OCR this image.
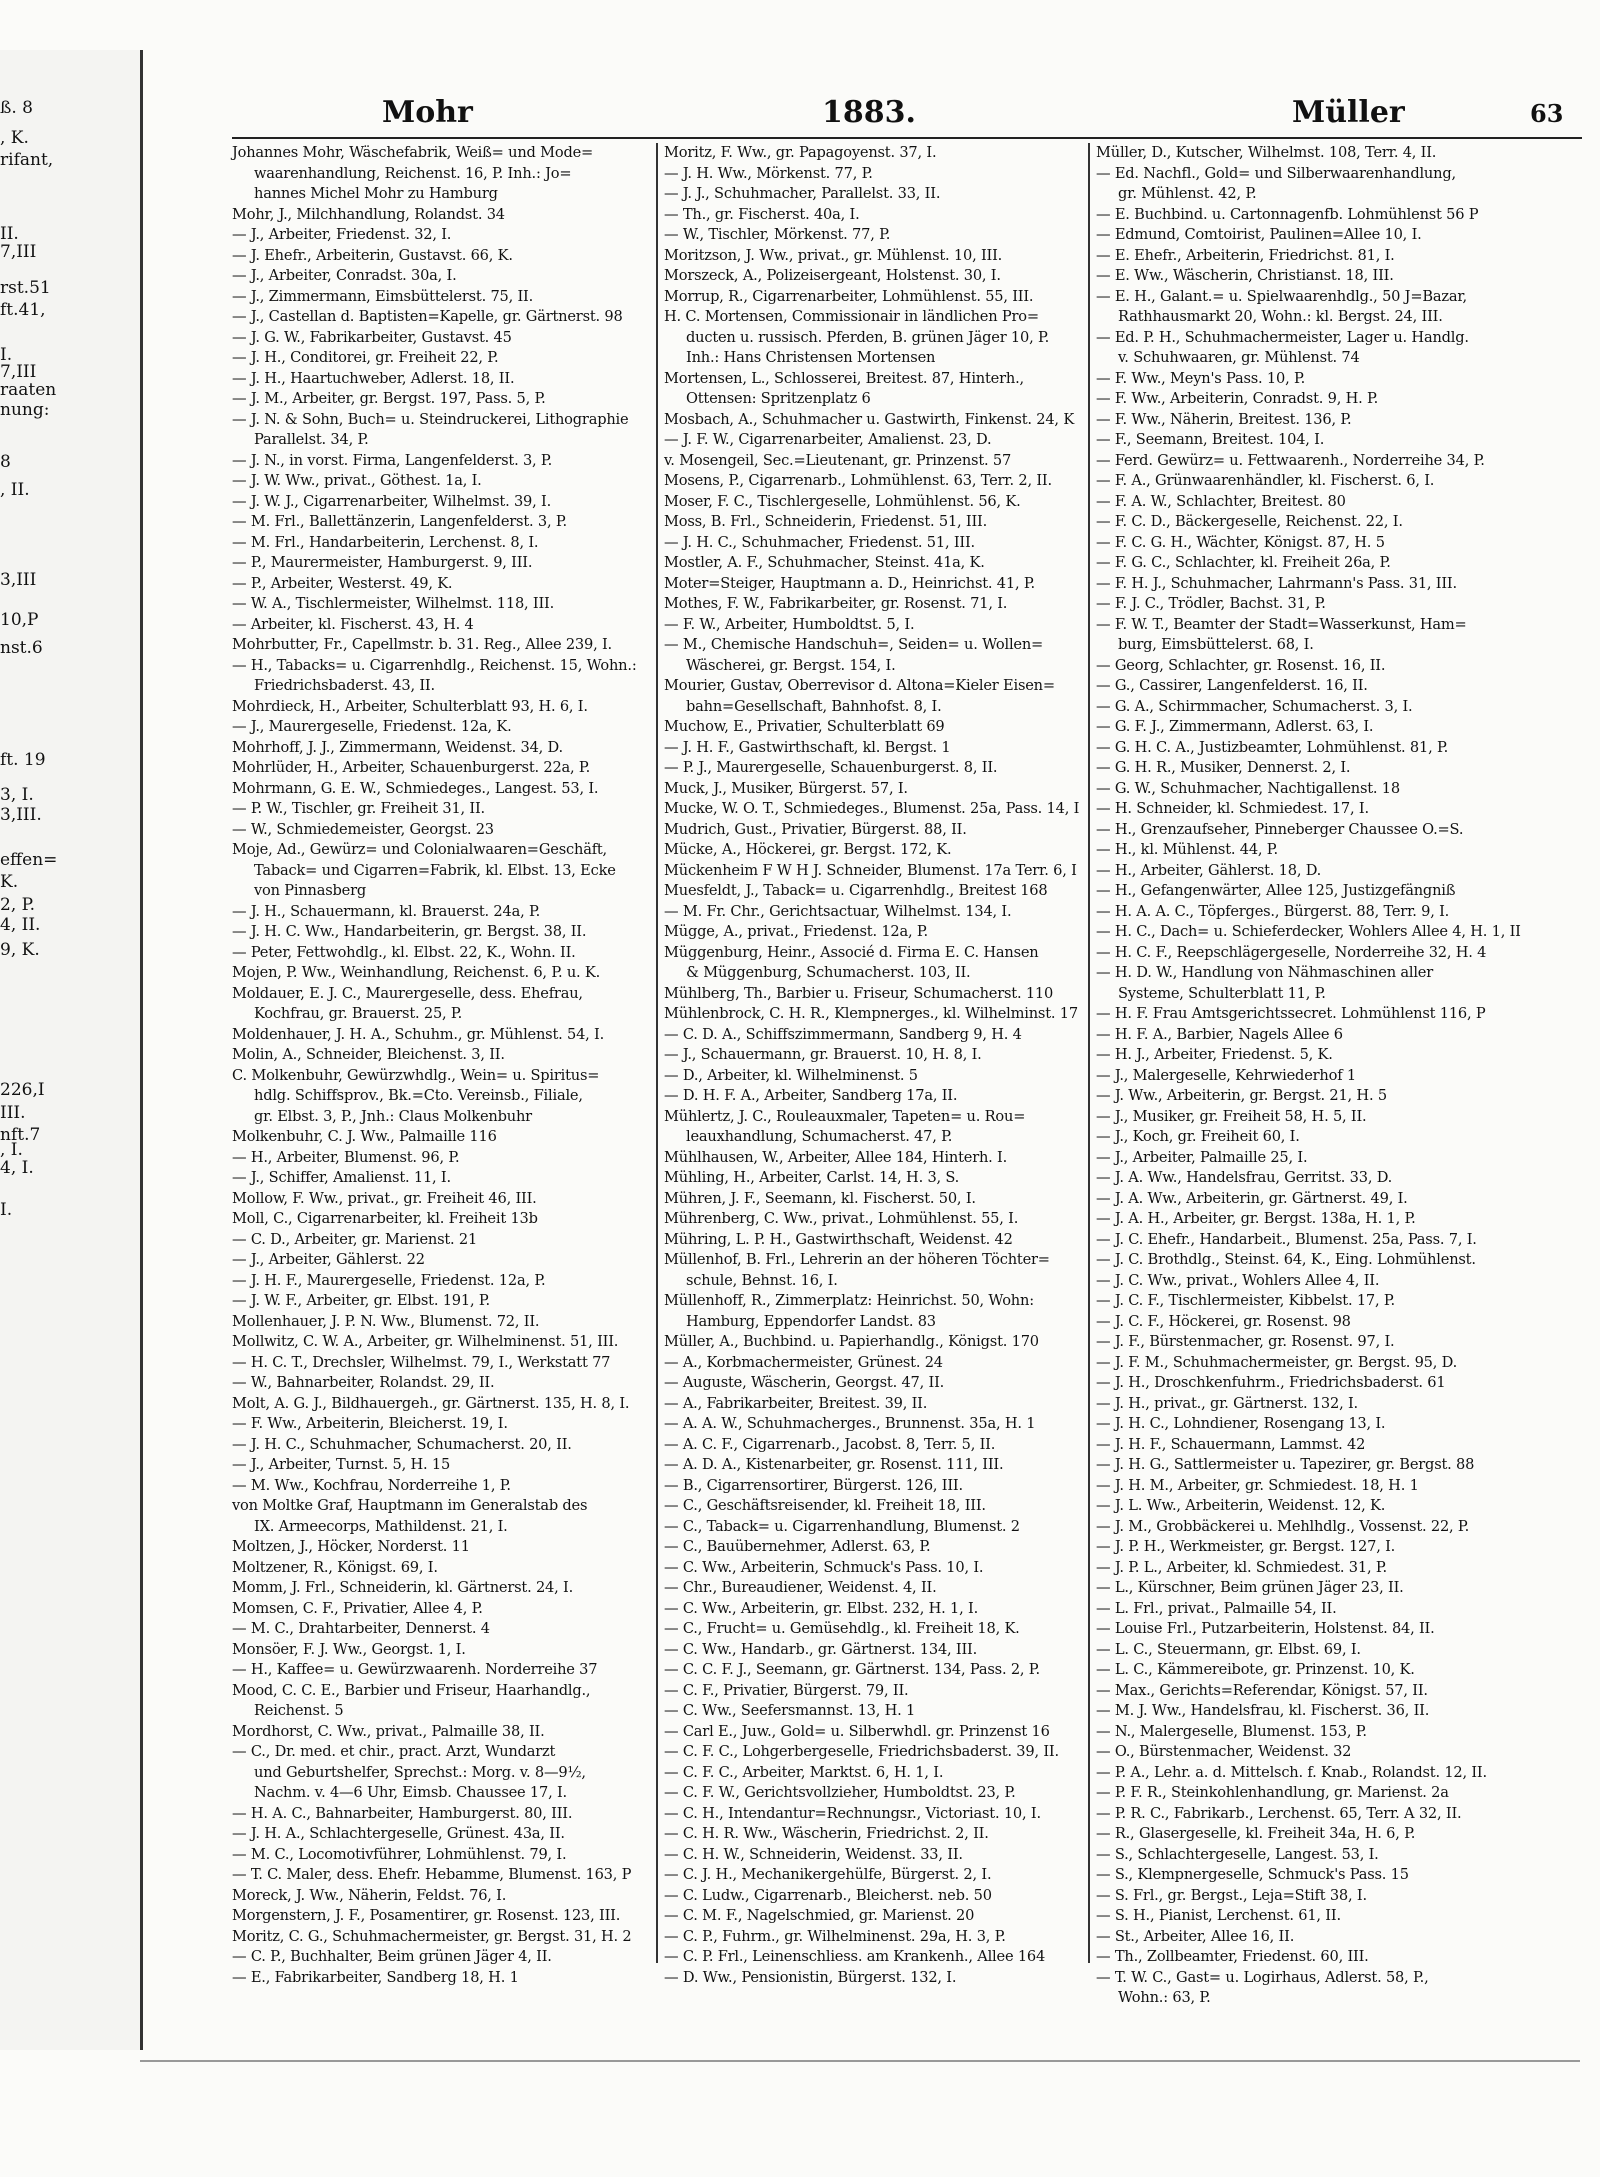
ß. 8
, K.
rifant,
II.
7,III
rst.51
ft.41,
I.
7,III
raaten
nung:
8
, II.
3,III
10,P
nst.6
ft. 19
3, I.
3,III.
effen=
K.
2, P.
4, II.
9, K.
226,I
III.
nft.7
, I.
4, I.
I.
Mohr	1883.	Müller	63
Johannes Mohr, Wäschefabrik, Weiß= und Mode=
waarenhandlung, Reichenst. 16, P. Inh.: Jo=
hannes Michel Mohr zu Hamburg
Mohr, J., Milchhandlung, Rolandst. 34
— J., Arbeiter, Friedenst. 32, I.
— J. Ehefr., Arbeiterin, Gustavst. 66, K.
— J., Arbeiter, Conradst. 30a, I.
— J., Zimmermann, Eimsbüttelerst. 75, II.
— J., Castellan d. Baptisten=Kapelle, gr. Gärtnerst. 98
— J. G. W., Fabrikarbeiter, Gustavst. 45
— J. H., Conditorei, gr. Freiheit 22, P.
— J. H., Haartuchweber, Adlerst. 18, II.
— J. M., Arbeiter, gr. Bergst. 197, Pass. 5, P.
— J. N. & Sohn, Buch= u. Steindruckerei, Lithographie
Parallelst. 34, P.
— J. N., in vorst. Firma, Langenfelderst. 3, P.
— J. W. Ww., privat., Göthest. 1a, I.
— J. W. J., Cigarrenarbeiter, Wilhelmst. 39, I.
— M. Frl., Ballettänzerin, Langenfelderst. 3, P.
— M. Frl., Handarbeiterin, Lerchenst. 8, I.
— P., Maurermeister, Hamburgerst. 9, III.
— P., Arbeiter, Westerst. 49, K.
— W. A., Tischlermeister, Wilhelmst. 118, III.
— Arbeiter, kl. Fischerst. 43, H. 4
Mohrbutter, Fr., Capellmstr. b. 31. Reg., Allee 239, I.
— H., Tabacks= u. Cigarrenhdlg., Reichenst. 15, Wohn.:
Friedrichsbaderst. 43, II.
Mohrdieck, H., Arbeiter, Schulterblatt 93, H. 6, I.
— J., Maurergeselle, Friedenst. 12a, K.
Mohrhoff, J. J., Zimmermann, Weidenst. 34, D.
Mohrlüder, H., Arbeiter, Schauenburgerst. 22a, P.
Mohrmann, G. E. W., Schmiedeges., Langest. 53, I.
— P. W., Tischler, gr. Freiheit 31, II.
— W., Schmiedemeister, Georgst. 23
Moje, Ad., Gewürz= und Colonialwaaren=Geschäft,
Taback= und Cigarren=Fabrik, kl. Elbst. 13, Ecke
von Pinnasberg
— J. H., Schauermann, kl. Brauerst. 24a, P.
— J. H. C. Ww., Handarbeiterin, gr. Bergst. 38, II.
— Peter, Fettwohdlg., kl. Elbst. 22, K., Wohn. II.
Mojen, P. Ww., Weinhandlung, Reichenst. 6, P. u. K.
Moldauer, E. J. C., Maurergeselle, dess. Ehefrau,
Kochfrau, gr. Brauerst. 25, P.
Moldenhauer, J. H. A., Schuhm., gr. Mühlenst. 54, I.
Molin, A., Schneider, Bleichenst. 3, II.
C. Molkenbuhr, Gewürzwhdlg., Wein= u. Spiritus=
hdlg. Schiffsprov., Bk.=Cto. Vereinsb., Filiale,
gr. Elbst. 3, P., Jnh.: Claus Molkenbuhr
Molkenbuhr, C. J. Ww., Palmaille 116
— H., Arbeiter, Blumenst. 96, P.
— J., Schiffer, Amalienst. 11, I.
Mollow, F. Ww., privat., gr. Freiheit 46, III.
Moll, C., Cigarrenarbeiter, kl. Freiheit 13b
— C. D., Arbeiter, gr. Marienst. 21
— J., Arbeiter, Gählerst. 22
— J. H. F., Maurergeselle, Friedenst. 12a, P.
— J. W. F., Arbeiter, gr. Elbst. 191, P.
Mollenhauer, J. P. N. Ww., Blumenst. 72, II.
Mollwitz, C. W. A., Arbeiter, gr. Wilhelminenst. 51, III.
— H. C. T., Drechsler, Wilhelmst. 79, I., Werkstatt 77
— W., Bahnarbeiter, Rolandst. 29, II.
Molt, A. G. J., Bildhauergeh., gr. Gärtnerst. 135, H. 8, I.
— F. Ww., Arbeiterin, Bleicherst. 19, I.
— J. H. C., Schuhmacher, Schumacherst. 20, II.
— J., Arbeiter, Turnst. 5, H. 15
— M. Ww., Kochfrau, Norderreihe 1, P.
von Moltke Graf, Hauptmann im Generalstab des
IX. Armeecorps, Mathildenst. 21, I.
Moltzen, J., Höcker, Norderst. 11
Moltzener, R., Königst. 69, I.
Momm, J. Frl., Schneiderin, kl. Gärtnerst. 24, I.
Momsen, C. F., Privatier, Allee 4, P.
— M. C., Drahtarbeiter, Dennerst. 4
Monsöer, F. J. Ww., Georgst. 1, I.
— H., Kaffee= u. Gewürzwaarenh. Norderreihe 37
Mood, C. C. E., Barbier und Friseur, Haarhandlg.,
Reichenst. 5
Mordhorst, C. Ww., privat., Palmaille 38, II.
— C., Dr. med. et chir., pract. Arzt, Wundarzt
und Geburtshelfer, Sprechst.: Morg. v. 8—9½,
Nachm. v. 4—6 Uhr, Eimsb. Chaussee 17, I.
— H. A. C., Bahnarbeiter, Hamburgerst. 80, III.
— J. H. A., Schlachtergeselle, Grünest. 43a, II.
— M. C., Locomotivführer, Lohmühlenst. 79, I.
— T. C. Maler, dess. Ehefr. Hebamme, Blumenst. 163, P
Moreck, J. Ww., Näherin, Feldst. 76, I.
Morgenstern, J. F., Posamentirer, gr. Rosenst. 123, III.
Moritz, C. G., Schuhmachermeister, gr. Bergst. 31, H. 2
— C. P., Buchhalter, Beim grünen Jäger 4, II.
— E., Fabrikarbeiter, Sandberg 18, H. 1
Moritz, F. Ww., gr. Papagoyenst. 37, I.
— J. H. Ww., Mörkenst. 77, P.
— J. J., Schuhmacher, Parallelst. 33, II.
— Th., gr. Fischerst. 40a, I.
— W., Tischler, Mörkenst. 77, P.
Moritzson, J. Ww., privat., gr. Mühlenst. 10, III.
Morszeck, A., Polizeisergeant, Holstenst. 30, I.
Morrup, R., Cigarrenarbeiter, Lohmühlenst. 55, III.
H. C. Mortensen, Commissionair in ländlichen Pro=
ducten u. russisch. Pferden, B. grünen Jäger 10, P.
Inh.: Hans Christensen Mortensen
Mortensen, L., Schlosserei, Breitest. 87, Hinterh.,
Ottensen: Spritzenplatz 6
Mosbach, A., Schuhmacher u. Gastwirth, Finkenst. 24, K
— J. F. W., Cigarrenarbeiter, Amalienst. 23, D.
v. Mosengeil, Sec.=Lieutenant, gr. Prinzenst. 57
Mosens, P., Cigarrenarb., Lohmühlenst. 63, Terr. 2, II.
Moser, F. C., Tischlergeselle, Lohmühlenst. 56, K.
Moss, B. Frl., Schneiderin, Friedenst. 51, III.
— J. H. C., Schuhmacher, Friedenst. 51, III.
Mostler, A. F., Schuhmacher, Steinst. 41a, K.
Moter=Steiger, Hauptmann a. D., Heinrichst. 41, P.
Mothes, F. W., Fabrikarbeiter, gr. Rosenst. 71, I.
— F. W., Arbeiter, Humboldtst. 5, I.
— M., Chemische Handschuh=, Seiden= u. Wollen=
Wäscherei, gr. Bergst. 154, I.
Mourier, Gustav, Oberrevisor d. Altona=Kieler Eisen=
bahn=Gesellschaft, Bahnhofst. 8, I.
Muchow, E., Privatier, Schulterblatt 69
— J. H. F., Gastwirthschaft, kl. Bergst. 1
— P. J., Maurergeselle, Schauenburgerst. 8, II.
Muck, J., Musiker, Bürgerst. 57, I.
Mucke, W. O. T., Schmiedeges., Blumenst. 25a, Pass. 14, I
Mudrich, Gust., Privatier, Bürgerst. 88, II.
Mücke, A., Höckerei, gr. Bergst. 172, K.
Mückenheim F W H J. Schneider, Blumenst. 17a Terr. 6, I
Muesfeldt, J., Taback= u. Cigarrenhdlg., Breitest 168
— M. Fr. Chr., Gerichtsactuar, Wilhelmst. 134, I.
Mügge, A., privat., Friedenst. 12a, P.
Müggenburg, Heinr., Associé d. Firma E. C. Hansen
& Müggenburg, Schumacherst. 103, II.
Mühlberg, Th., Barbier u. Friseur, Schumacherst. 110
Mühlenbrock, C. H. R., Klempnerges., kl. Wilhelminst. 17
— C. D. A., Schiffszimmermann, Sandberg 9, H. 4
— J., Schauermann, gr. Brauerst. 10, H. 8, I.
— D., Arbeiter, kl. Wilhelminenst. 5
— D. H. F. A., Arbeiter, Sandberg 17a, II.
Mühlertz, J. C., Rouleauxmaler, Tapeten= u. Rou=
leauxhandlung, Schumacherst. 47, P.
Mühlhausen, W., Arbeiter, Allee 184, Hinterh. I.
Mühling, H., Arbeiter, Carlst. 14, H. 3, S.
Mühren, J. F., Seemann, kl. Fischerst. 50, I.
Mührenberg, C. Ww., privat., Lohmühlenst. 55, I.
Mühring, L. P. H., Gastwirthschaft, Weidenst. 42
Müllenhof, B. Frl., Lehrerin an der höheren Töchter=
schule, Behnst. 16, I.
Müllenhoff, R., Zimmerplatz: Heinrichst. 50, Wohn:
Hamburg, Eppendorfer Landst. 83
Müller, A., Buchbind. u. Papierhandlg., Königst. 170
— A., Korbmachermeister, Grünest. 24
— Auguste, Wäscherin, Georgst. 47, II.
— A., Fabrikarbeiter, Breitest. 39, II.
— A. A. W., Schuhmacherges., Brunnenst. 35a, H. 1
— A. C. F., Cigarrenarb., Jacobst. 8, Terr. 5, II.
— A. D. A., Kistenarbeiter, gr. Rosenst. 111, III.
— B., Cigarrensortirer, Bürgerst. 126, III.
— C., Geschäftsreisender, kl. Freiheit 18, III.
— C., Taback= u. Cigarrenhandlung, Blumenst. 2
— C., Bauübernehmer, Adlerst. 63, P.
— C. Ww., Arbeiterin, Schmuck's Pass. 10, I.
— Chr., Bureaudiener, Weidenst. 4, II.
— C. Ww., Arbeiterin, gr. Elbst. 232, H. 1, I.
— C., Frucht= u. Gemüsehdlg., kl. Freiheit 18, K.
— C. Ww., Handarb., gr. Gärtnerst. 134, III.
— C. C. F. J., Seemann, gr. Gärtnerst. 134, Pass. 2, P.
— C. F., Privatier, Bürgerst. 79, II.
— C. Ww., Seefersmannst. 13, H. 1
— Carl E., Juw., Gold= u. Silberwhdl. gr. Prinzenst 16
— C. F. C., Lohgerbergeselle, Friedrichsbaderst. 39, II.
— C. F. C., Arbeiter, Marktst. 6, H. 1, I.
— C. F. W., Gerichtsvollzieher, Humboldtst. 23, P.
— C. H., Intendantur=Rechnungsr., Victoriast. 10, I.
— C. H. R. Ww., Wäscherin, Friedrichst. 2, II.
— C. H. W., Schneiderin, Weidenst. 33, II.
— C. J. H., Mechanikergehülfe, Bürgerst. 2, I.
— C. Ludw., Cigarrenarb., Bleicherst. neb. 50
— C. M. F., Nagelschmied, gr. Marienst. 20
— C. P., Fuhrm., gr. Wilhelminenst. 29a, H. 3, P.
— C. P. Frl., Leinenschliess. am Krankenh., Allee 164
— D. Ww., Pensionistin, Bürgerst. 132, I.
Müller, D., Kutscher, Wilhelmst. 108, Terr. 4, II.
— Ed. Nachfl., Gold= und Silberwaarenhandlung,
gr. Mühlenst. 42, P.
— E. Buchbind. u. Cartonnagenfb. Lohmühlenst 56 P
— Edmund, Comtoirist, Paulinen=Allee 10, I.
— E. Ehefr., Arbeiterin, Friedrichst. 81, I.
— E. Ww., Wäscherin, Christianst. 18, III.
— E. H., Galant.= u. Spielwaarenhdlg., 50 J=Bazar,
Rathhausmarkt 20, Wohn.: kl. Bergst. 24, III.
— Ed. P. H., Schuhmachermeister, Lager u. Handlg.
v. Schuhwaaren, gr. Mühlenst. 74
— F. Ww., Meyn's Pass. 10, P.
— F. Ww., Arbeiterin, Conradst. 9, H. P.
— F. Ww., Näherin, Breitest. 136, P.
— F., Seemann, Breitest. 104, I.
— Ferd. Gewürz= u. Fettwaarenh., Norderreihe 34, P.
— F. A., Grünwaarenhändler, kl. Fischerst. 6, I.
— F. A. W., Schlachter, Breitest. 80
— F. C. D., Bäckergeselle, Reichenst. 22, I.
— F. C. G. H., Wächter, Königst. 87, H. 5
— F. G. C., Schlachter, kl. Freiheit 26a, P.
— F. H. J., Schuhmacher, Lahrmann's Pass. 31, III.
— F. J. C., Trödler, Bachst. 31, P.
— F. W. T., Beamter der Stadt=Wasserkunst, Ham=
burg, Eimsbüttelerst. 68, I.
— Georg, Schlachter, gr. Rosenst. 16, II.
— G., Cassirer, Langenfelderst. 16, II.
— G. A., Schirmmacher, Schumacherst. 3, I.
— G. F. J., Zimmermann, Adlerst. 63, I.
— G. H. C. A., Justizbeamter, Lohmühlenst. 81, P.
— G. H. R., Musiker, Dennerst. 2, I.
— G. W., Schuhmacher, Nachtigallenst. 18
— H. Schneider, kl. Schmiedest. 17, I.
— H., Grenzaufseher, Pinneberger Chaussee O.=S.
— H., kl. Mühlenst. 44, P.
— H., Arbeiter, Gählerst. 18, D.
— H., Gefangenwärter, Allee 125, Justizgefängniß
— H. A. A. C., Töpferges., Bürgerst. 88, Terr. 9, I.
— H. C., Dach= u. Schieferdecker, Wohlers Allee 4, H. 1, II
— H. C. F., Reepschlägergeselle, Norderreihe 32, H. 4
— H. D. W., Handlung von Nähmaschinen aller
Systeme, Schulterblatt 11, P.
— H. F. Frau Amtsgerichtssecret. Lohmühlenst 116, P
— H. F. A., Barbier, Nagels Allee 6
— H. J., Arbeiter, Friedenst. 5, K.
— J., Malergeselle, Kehrwiederhof 1
— J. Ww., Arbeiterin, gr. Bergst. 21, H. 5
— J., Musiker, gr. Freiheit 58, H. 5, II.
— J., Koch, gr. Freiheit 60, I.
— J., Arbeiter, Palmaille 25, I.
— J. A. Ww., Handelsfrau, Gerritst. 33, D.
— J. A. Ww., Arbeiterin, gr. Gärtnerst. 49, I.
— J. A. H., Arbeiter, gr. Bergst. 138a, H. 1, P.
— J. C. Ehefr., Handarbeit., Blumenst. 25a, Pass. 7, I.
— J. C. Brothdlg., Steinst. 64, K., Eing. Lohmühlenst.
— J. C. Ww., privat., Wohlers Allee 4, II.
— J. C. F., Tischlermeister, Kibbelst. 17, P.
— J. C. F., Höckerei, gr. Rosenst. 98
— J. F., Bürstenmacher, gr. Rosenst. 97, I.
— J. F. M., Schuhmachermeister, gr. Bergst. 95, D.
— J. H., Droschkenfuhrm., Friedrichsbaderst. 61
— J. H., privat., gr. Gärtnerst. 132, I.
— J. H. C., Lohndiener, Rosengang 13, I.
— J. H. F., Schauermann, Lammst. 42
— J. H. G., Sattlermeister u. Tapezirer, gr. Bergst. 88
— J. H. M., Arbeiter, gr. Schmiedest. 18, H. 1
— J. L. Ww., Arbeiterin, Weidenst. 12, K.
— J. M., Grobbäckerei u. Mehlhdlg., Vossenst. 22, P.
— J. P. H., Werkmeister, gr. Bergst. 127, I.
— J. P. L., Arbeiter, kl. Schmiedest. 31, P.
— L., Kürschner, Beim grünen Jäger 23, II.
— L. Frl., privat., Palmaille 54, II.
— Louise Frl., Putzarbeiterin, Holstenst. 84, II.
— L. C., Steuermann, gr. Elbst. 69, I.
— L. C., Kämmereibote, gr. Prinzenst. 10, K.
— Max., Gerichts=Referendar, Königst. 57, II.
— M. J. Ww., Handelsfrau, kl. Fischerst. 36, II.
— N., Malergeselle, Blumenst. 153, P.
— O., Bürstenmacher, Weidenst. 32
— P. A., Lehr. a. d. Mittelsch. f. Knab., Rolandst. 12, II.
— P. F. R., Steinkohlenhandlung, gr. Marienst. 2a
— P. R. C., Fabrikarb., Lerchenst. 65, Terr. A 32, II.
— R., Glasergeselle, kl. Freiheit 34a, H. 6, P.
— S., Schlachtergeselle, Langest. 53, I.
— S., Klempnergeselle, Schmuck's Pass. 15
— S. Frl., gr. Bergst., Leja=Stift 38, I.
— S. H., Pianist, Lerchenst. 61, II.
— St., Arbeiter, Allee 16, II.
— Th., Zollbeamter, Friedenst. 60, III.
— T. W. C., Gast= u. Logirhaus, Adlerst. 58, P.,
Wohn.: 63, P.
